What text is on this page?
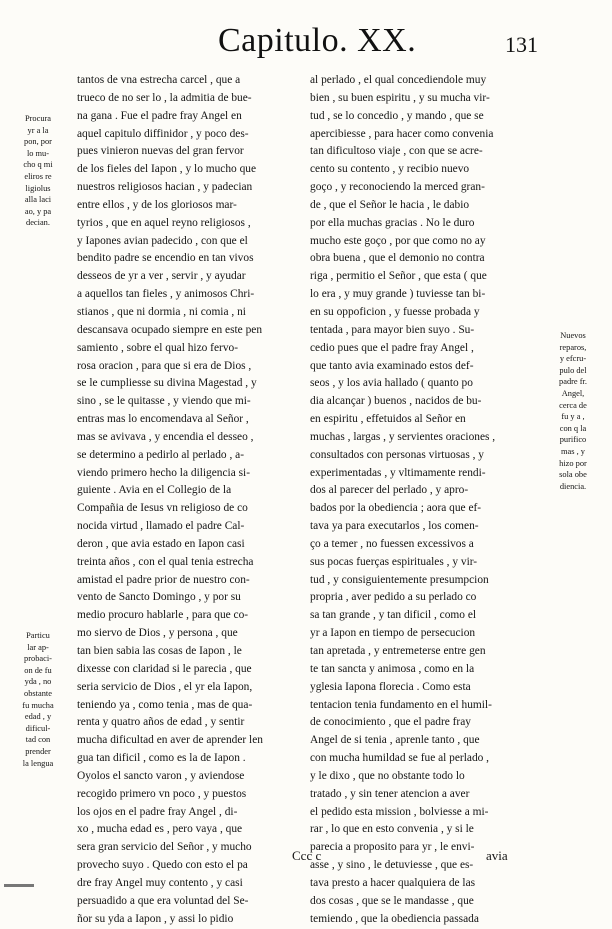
Capitulo. XX.	131
Procura
yr a la
pon, por
lo mu-
cho q mi
eliros re
ligiolus
alla laci
ao, y pa
decian.
Particu
lar ap-
probaci-
on de fu
yda , no
obstante
fu mucha
edad , y
dificul-
tad con
prender
la lengua
Nuevos
reparos,
y efcru-
pulo del
padre fr.
Angel,
cerca de
fu y a ,
con q la
purifico
mas , y
hizo por
sola obe
diencia.
tantos de vna estrecha carcel , que a
trueco de no ser lo , la admitia de bue-
na gana . Fue el padre fray Angel en
aquel capitulo diffinidor , y poco des-
pues vinieron nuevas del gran fervor
de los fieles del Iapon , y lo mucho que
nuestros religiosos hacian , y padecian
entre ellos , y de los gloriosos mar-
tyrios , que en aquel reyno religiosos ,
y Iapones avian padecido , con que el
bendito padre se encendio en tan vivos
desseos de yr a ver , servir , y ayudar
a aquellos tan fieles , y animosos Chri-
stianos , que ni dormia , ni comia , ni
descansava ocupado siempre en este pen
samiento , sobre el qual hizo fervo-
rosa oracion , para que si era de Dios ,
se le cumpliesse su divina Magestad , y
sino , se le quitasse , y viendo que mi-
entras mas lo encomendava al Señor ,
mas se avivava , y encendia el desseo ,
se determino a pedirlo al perlado , a-
viendo primero hecho la diligencia si-
guiente . Avia en el Collegio de la
Compañia de Iesus vn religioso de co
nocida virtud , llamado el padre Cal-
deron , que avia estado en Iapon casi
treinta años , con el qual tenia estrecha
amistad el padre prior de nuestro con-
vento de Sancto Domingo , y por su
medio procuro hablarle , para que co-
mo siervo de Dios , y persona , que
tan bien sabia las cosas de Iapon , le
dixesse con claridad si le parecia , que
seria servicio de Dios , el yr ela Iapon,
teniendo ya , como tenia , mas de qua-
renta y quatro años de edad , y sentir
mucha dificultad en aver de aprender len
gua tan dificil , como es la de Iapon .
Oyolos el sancto varon , y aviendose
recogido primero vn poco , y puestos
los ojos en el padre fray Angel , di-
xo , mucha edad es , pero vaya , que
sera gran servicio del Señor , y mucho
provecho suyo . Quedo con esto el pa
dre fray Angel muy contento , y casi
persuadido a que era voluntad del Se-
ñor su yda a Iapon , y assi lo pidio
al perlado , el qual concediendole muy
bien , su buen espiritu , y su mucha vir-
tud , se lo concedio , y mando , que se
apercibiesse , para hacer como convenia
tan dificultoso viaje , con que se acre-
cento su contento , y recibio nuevo
goço , y reconociendo la merced gran-
de , que el Señor le hacia , le dabio
por ella muchas gracias . No le duro
mucho este goço , por que como no ay
obra buena , que el demonio no contra
riga , permitio el Señor , que esta ( que
lo era , y muy grande ) tuviesse tan bi-
en su oppoficion , y fuesse probada y
tentada , para mayor bien suyo . Su-
cedio pues que el padre fray Angel ,
que tanto avia examinado estos def-
seos , y los avia hallado ( quanto po
dia alcançar ) buenos , nacidos de bu-
en espiritu , effetuidos al Señor en
muchas , largas , y servientes oraciones ,
consultados con personas virtuosas , y
experimentadas , y vltimamente rendi-
dos al parecer del perlado , y apro-
bados por la obediencia ; aora que ef-
tava ya para executarlos , los comen-
ço a temer , no fuessen excessivos a
sus pocas fuerças espirituales , y vir-
tud , y consiguientemente presumpcion
propria , aver pedido a su perlado co
sa tan grande , y tan dificil , como el
yr a Iapon en tiempo de persecucion
tan apretada , y entremeterse entre gen
te tan sancta y animosa , como en la
yglesia Iapona florecia . Como esta
tentacion tenia fundamento en el humil-
de conocimiento , que el padre fray
Angel de si tenia , aprenle tanto , que
con mucha humildad se fue al perlado ,
y le dixo , que no obstante todo lo
tratado , y sin tener atencion a aver
el pedido esta mission , bolviesse a mi-
rar , lo que en esto convenia , y si le
parecia a proposito para yr , le envi-
asse , y sino , le detuviesse , que es-
tava presto a hacer qualquiera de las
dos cosas , que se le mandasse , que
temiendo , que la obediencia passada
Ccc c	avia
